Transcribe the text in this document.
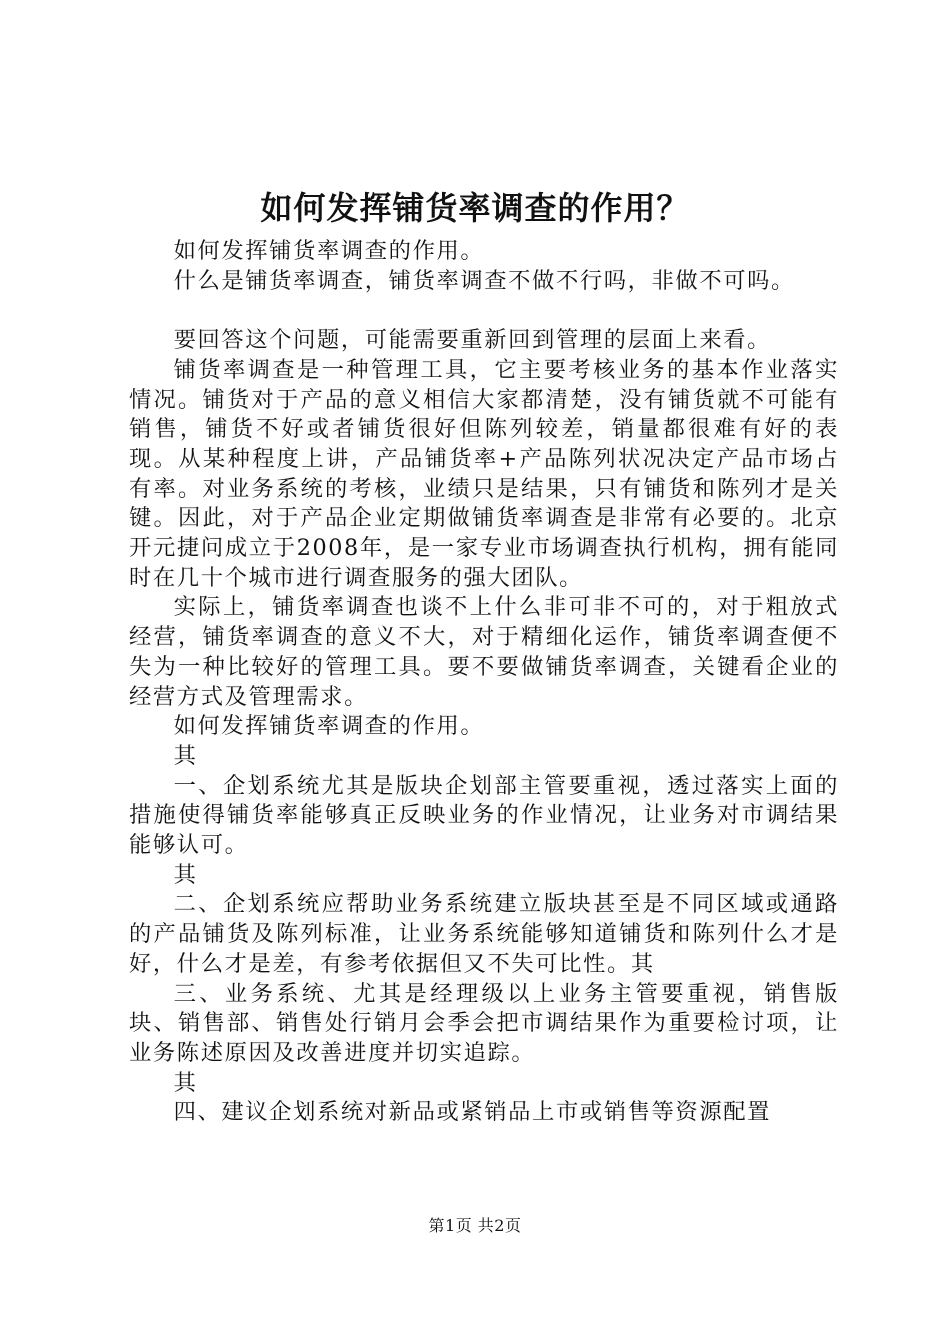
如何发挥铺货率调查的作用？

如何发挥铺货率调查的作用。

什么是铺货率调查，铺货率调查不做不行吗，非做不可吗。

要回答这个问题，可能需要重新回到管理的层面上来看。

铺货率调查是一种管理工具，它主要考核业务的基本作业落实情况。铺货对于产品的意义相信大家都清楚，没有铺货就不可能有销售，铺货不好或者铺货很好但陈列较差，销量都很难有好的表现。从某种程度上讲，产品铺货率+产品陈列状况决定产品市场占有率。对业务系统的考核，业绩只是结果，只有铺货和陈列才是关键。因此，对于产品企业定期做铺货率调查是非常有必要的。北京开元捷问成立于2008年，是一家专业市场调查执行机构，拥有能同时在几十个城市进行调查服务的强大团队。

实际上，铺货率调查也谈不上什么非可非不可的，对于粗放式经营，铺货率调查的意义不大，对于精细化运作，铺货率调查便不失为一种比较好的管理工具。要不要做铺货率调查，关键看企业的经营方式及管理需求。

如何发挥铺货率调查的作用。

其

一、企划系统尤其是版块企划部主管要重视，透过落实上面的措施使得铺货率能够真正反映业务的作业情况，让业务对市调结果能够认可。

其

二、企划系统应帮助业务系统建立版块甚至是不同区域或通路的产品铺货及陈列标准，让业务系统能够知道铺货和陈列什么才是好，什么才是差，有参考依据但又不失可比性。其

三、业务系统、尤其是经理级以上业务主管要重视，销售版块、销售部、销售处行销月会季会把市调结果作为重要检讨项，让业务陈述原因及改善进度并切实追踪。

其

四、建议企划系统对新品或紧销品上市或销售等资源配置

第1页 共2页
